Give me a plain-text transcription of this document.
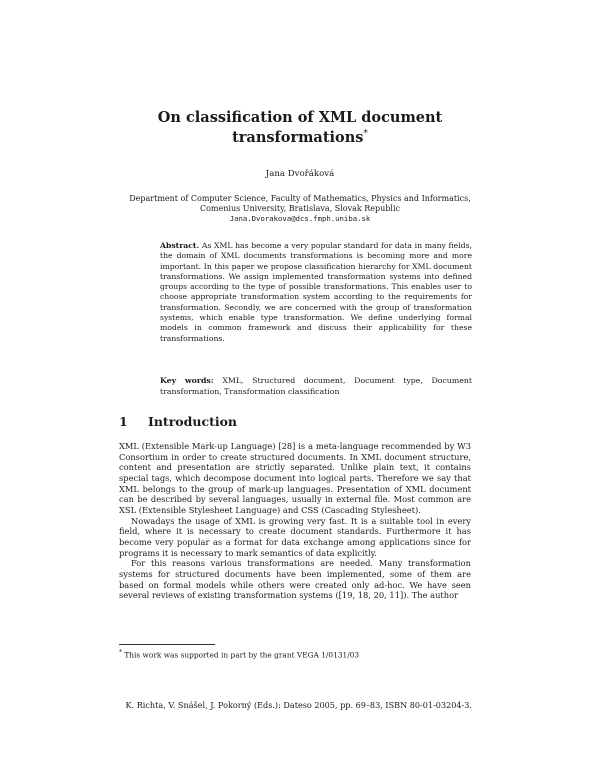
On classification of XML document
transformations*
Jana Dvořáková
Department of Computer Science, Faculty of Mathematics, Physics and Informatics,
Comenius University, Bratislava, Slovak Republic
Jana.Dvorakova@dcs.fmph.uniba.sk
Abstract. As XML has become a very popular standard for data in many fields, the domain of XML documents transformations is becoming more and more important. In this paper we propose classification hierarchy for XML document transformations. We assign implemented transformation systems into defined groups according to the type of possible transformations. This enables user to choose appropriate transformation system according to the requirements for transformation. Secondly, we are concerned with the group of transformation systems, which enable type transformation. We define underlying formal models in common framework and discuss their applicability for these transformations.
Key words: XML, Structured document, Document type, Document transformation, Transformation classification
1 Introduction

XML (Extensible Mark-up Language) [28] is a meta-language recommended by W3 Consortium in order to create structured documents. In XML document structure, content and presentation are strictly separated. Unlike plain text, it contains special tags, which decompose document into logical parts. Therefore we say that XML belongs to the group of mark-up languages. Presentation of XML document can be described by several languages, usually in external file. Most common are XSL (Extensible Stylesheet Language) and CSS (Cascading Stylesheet).

Nowadays the usage of XML is growing very fast. It is a suitable tool in every field, where it is necessary to create document standards. Furthermore it has become very popular as a format for data exchange among applications since for programs it is necessary to mark semantics of data explicitly.

For this reasons various transformations are needed. Many transformation systems for structured documents have been implemented, some of them are based on formal models while others were created only ad-hoc. We have seen several reviews of existing transformation systems ([19, 18, 20, 11]). The author

* This work was supported in part by the grant VEGA 1/0131/03
K. Richta, V. Snášel, J. Pokorný (Eds.): Dateso 2005, pp. 69–83, ISBN 80-01-03204-3.
